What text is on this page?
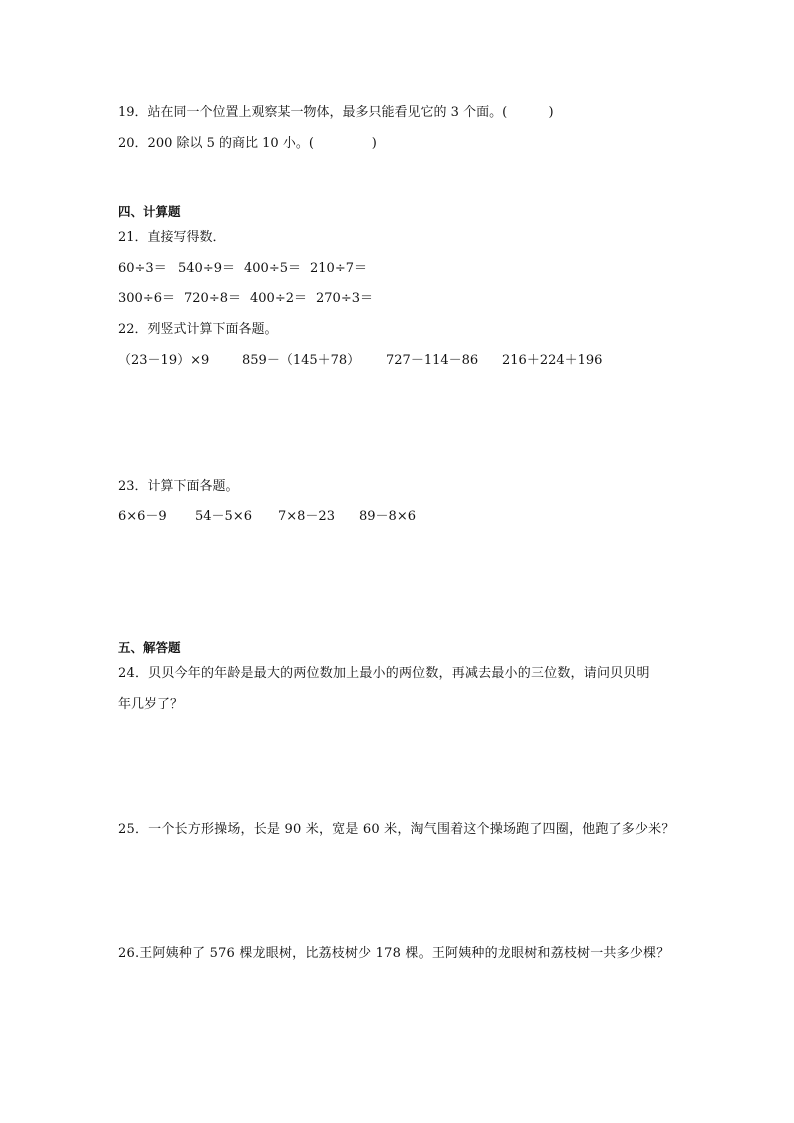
19．站在同一个位置上观察某一物体，最多只能看见它的 3 个面。(          )
20．200 除以 5 的商比 10 小。(              )
四、计算题
21．直接写得数．

60÷3＝

540÷9＝

400÷5＝

210÷7＝

300÷6＝

720÷8＝

400÷2＝

270÷3＝

22．列竖式计算下面各题。

（23－19）×9

	859－（145＋78）

727－114－86

216＋224＋196

23．计算下面各题。

6×6－9

54－5×6

7×8－23

89－8×6

五、解答题
24．贝贝今年的年龄是最大的两位数加上最小的两位数，再减去最小的三位数，请问贝贝明
年几岁了？
25．一个长方形操场，长是 90 米，宽是 60 米，淘气围着这个操场跑了四圈，他跑了多少米？
26.王阿姨种了 576 棵龙眼树，比荔枝树少 178 棵。王阿姨种的龙眼树和荔枝树一共多少棵？
